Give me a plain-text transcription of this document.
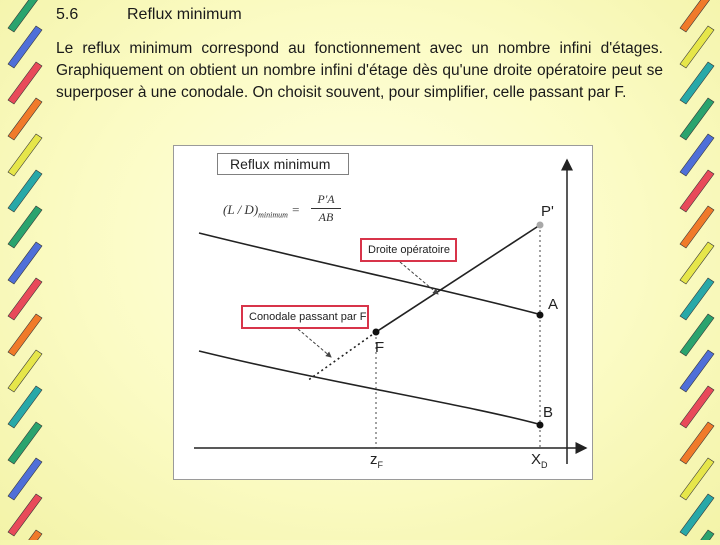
5.6	Reflux minimum

Le reflux minimum correspond au fonctionnement avec un nombre infini d'étages. Graphiquement on obtient un nombre infini d'étage dès qu'une droite opératoire peut se superposer à une conodale. On choisit souvent, pour simplifier, celle passant par F.

Reflux minimum
$(L / D)_{minimum}$ =
P'A
AB
Droite opératoire
Conodale passant par F
P'
A
F
B
$z_F$	$X_D$
